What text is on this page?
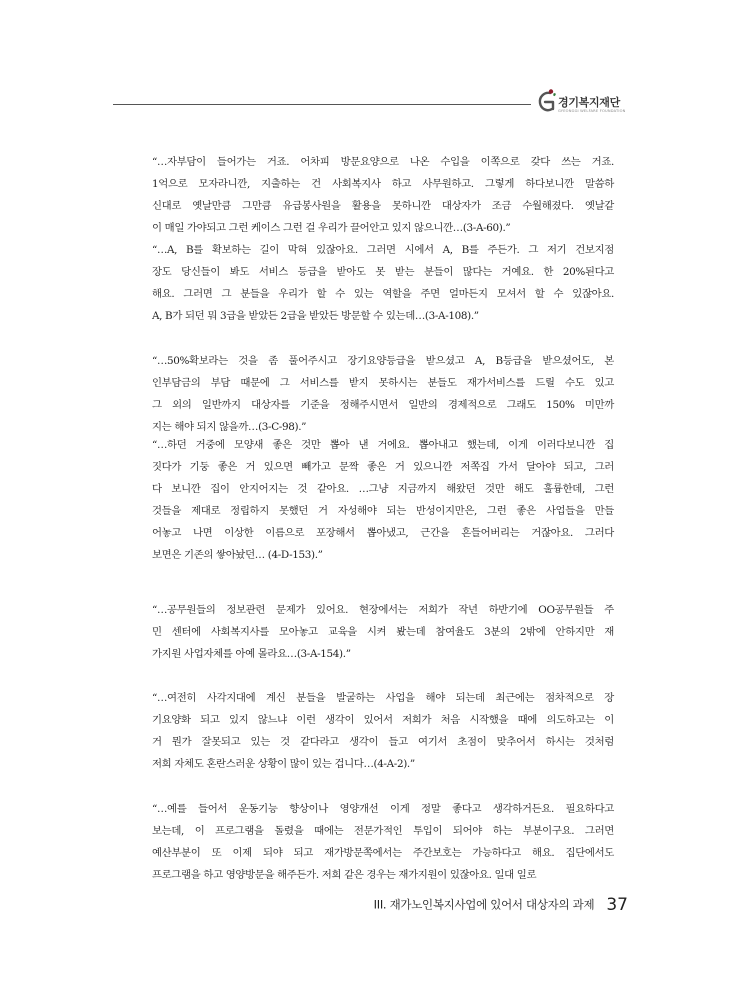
경기복지재단
GYEONGGI WELFARE FOUNDATION
“…자부담이 들어가는 거죠. 어차피 방문요양으로 나온 수입을 이쪽으로 갖다 쓰는 거죠.
1억으로 모자라니깐, 지출하는 건 사회복지사 하고 사무원하고. 그렇게 하다보니깐 말씀하
신대로 옛날만큼 그만큼 유급봉사원을 활용을 못하니깐 대상자가 조금 수월해졌다. 옛날같
이 매일 가야되고 그런 케이스 그런 걸 우리가 끌어안고 있지 않으니깐…(3-A-60).”
“…A, B를 확보하는 길이 막혀 있잖아요. 그러면 시에서 A, B를 주든가. 그 저기 건보지점
장도 당신들이 봐도 서비스 등급을 받아도 못 받는 분들이 많다는 거예요. 한 20%된다고
해요. 그러면 그 분들을 우리가 할 수 있는 역할을 주면 얼마든지 모셔서 할 수 있잖아요.
A, B가 되던 뭐 3급을 받았든 2급을 받았든 방문할 수 있는데…(3-A-108).”
“…50%확보라는 것을 좀 풀어주시고 장기요양등급을 받으셨고 A, B등급을 받으셨어도, 본
인부담금의 부담 때문에 그 서비스를 받지 못하시는 분들도 재가서비스를 드릴 수도 있고
그 외의 일반까지 대상자를 기준을 정해주시면서 일반의 경제적으로 그래도 150% 미만까
지는 해야 되지 않을까…(3-C-98).”
“…하던 거중에 모양새 좋은 것만 뽑아 낸 거에요. 뽑아내고 했는데, 이게 이러다보니깐 집
짓다가 기둥 좋은 거 있으면 빼가고 문짝 좋은 거 있으니깐 저쪽집 가서 달아야 되고, 그러
다 보니깐 집이 안지어지는 것 같아요. …그냥 지금까지 해왔던 것만 해도 훌륭한데, 그런
것들을 제대로 정립하지 못했던 거 자성해야 되는 반성이지만은, 그런 좋은 사업들을 만들
어놓고 나면 이상한 이름으로 포장해서 뽑아냈고, 근간을 흔들어버리는 거잖아요. 그러다
보면은 기존의 쌓아놨던… (4-D-153).”
“…공무원들의 정보관련 문제가 있어요. 현장에서는 저희가 작년 하반기에 OO공무원들 주
민 센터에 사회복지사를 모아놓고 교육을 시켜 봤는데 참여율도 3분의 2밖에 안하지만 재
가지원 사업자체를 아예 몰라요…(3-A-154).”
“…여전히 사각지대에 계신 분들을 발굴하는 사업을 해야 되는데 최근에는 점차적으로 장
기요양화 되고 있지 않느냐 이런 생각이 있어서 저희가 처음 시작했을 때에 의도하고는 이
거 뭔가 잘못되고 있는 것 같다라고 생각이 들고 여기서 초점이 맞추어서 하시는 것처럼
저희 자체도 혼란스러운 상황이 많이 있는 겁니다…(4-A-2).”
“…예를 들어서 운동기능 향상이나 영양개선 이게 정말 좋다고 생각하거든요. 필요하다고
보는데, 이 프로그램을 돌렸을 때에는 전문가적인 투입이 되어야 하는 부분이구요. 그러면
예산부분이 또 이제 되야 되고 재가방문쪽에서는 주간보호는 가능하다고 해요. 집단에서도
프로그램을 하고 영양방문을 해주든가. 저희 같은 경우는 재가지원이 있잖아요. 일대 일로
III. 재가노인복지사업에 있어서 대상자의 과제 37
